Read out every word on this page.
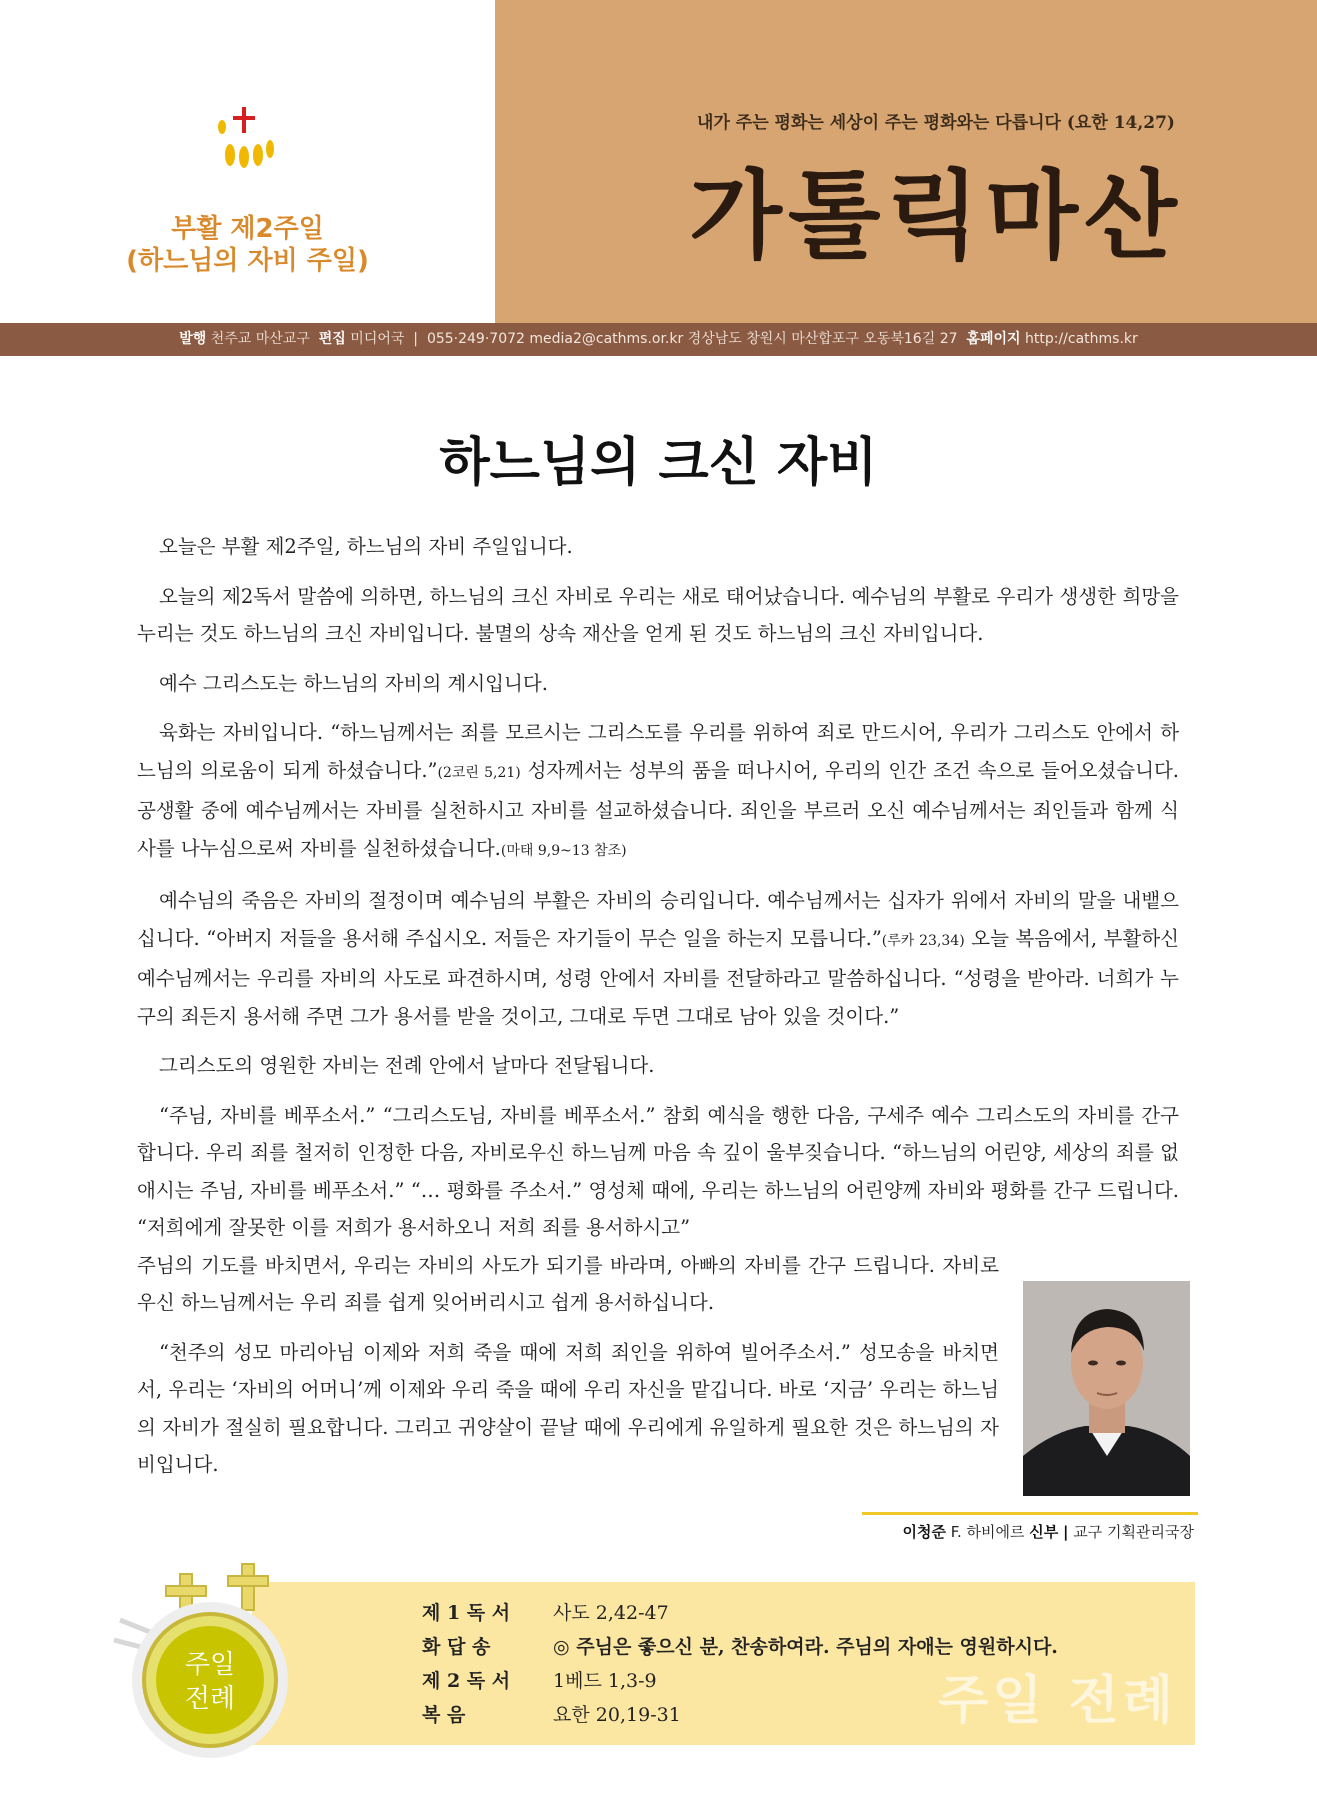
부활 제2주일
(하느님의 자비 주일)
내가 주는 평화는 세상이 주는 평화와는 다릅니다 (요한 14,27)
가톨릭마산
발행 천주교 마산교구 편집 미디어국  |  055·249·7072 media2@cathms.or.kr 경상남도 창원시 마산합포구 오동북16길 27 홈페이지 http://cathms.kr
하느님의 크신 자비

오늘은 부활 제2주일, 하느님의 자비 주일입니다.

오늘의 제2독서 말씀에 의하면, 하느님의 크신 자비로 우리는 새로 태어났습니다. 예수님의 부활로 우리가 생생한 희망을 누리는 것도 하느님의 크신 자비입니다. 불멸의 상속 재산을 얻게 된 것도 하느님의 크신 자비입니다.

예수 그리스도는 하느님의 자비의 계시입니다.

육화는 자비입니다. “하느님께서는 죄를 모르시는 그리스도를 우리를 위하여 죄로 만드시어, 우리가 그리스도 안에서 하느님의 의로움이 되게 하셨습니다.”(2코린 5,21) 성자께서는 성부의 품을 떠나시어, 우리의 인간 조건 속으로 들어오셨습니다. 공생활 중에 예수님께서는 자비를 실천하시고 자비를 설교하셨습니다. 죄인을 부르러 오신 예수님께서는 죄인들과 함께 식사를 나누심으로써 자비를 실천하셨습니다.(마태 9,9~13 참조)

예수님의 죽음은 자비의 절정이며 예수님의 부활은 자비의 승리입니다. 예수님께서는 십자가 위에서 자비의 말을 내뱉으십니다. “아버지 저들을 용서해 주십시오. 저들은 자기들이 무슨 일을 하는지 모릅니다.”(루카 23,34) 오늘 복음에서, 부활하신 예수님께서는 우리를 자비의 사도로 파견하시며, 성령 안에서 자비를 전달하라고 말씀하십니다. “성령을 받아라. 너희가 누구의 죄든지 용서해 주면 그가 용서를 받을 것이고, 그대로 두면 그대로 남아 있을 것이다.”

그리스도의 영원한 자비는 전례 안에서 날마다 전달됩니다.

“주님, 자비를 베푸소서.” “그리스도님, 자비를 베푸소서.” 참회 예식을 행한 다음, 구세주 예수 그리스도의 자비를 간구합니다. 우리 죄를 철저히 인정한 다음, 자비로우신 하느님께 마음 속 깊이 울부짖습니다. “하느님의 어린양, 세상의 죄를 없애시는 주님, 자비를 베푸소서.” “… 평화를 주소서.” 영성체 때에, 우리는 하느님의 어린양께 자비와 평화를 간구 드립니다. “저희에게 잘못한 이를 저희가 용서하오니 저희 죄를 용서하시고”

주님의 기도를 바치면서, 우리는 자비의 사도가 되기를 바라며, 아빠의 자비를 간구 드립니다. 자비로우신 하느님께서는 우리 죄를 쉽게 잊어버리시고 쉽게 용서하십니다.

“천주의 성모 마리아님 이제와 저희 죽을 때에 저희 죄인을 위하여 빌어주소서.” 성모송을 바치면서, 우리는 ‘자비의 어머니’께 이제와 우리 죽을 때에 우리 자신을 맡깁니다. 바로 ‘지금’ 우리는 하느님의 자비가 절실히 필요합니다. 그리고 귀양살이 끝날 때에 우리에게 유일하게 필요한 것은 하느님의 자비입니다.

이청준 F. 하비에르 신부 | 교구 기획관리국장
주일 전례
제 1 독 서 사도 2,42-47
화 답 송	◎ 주님은 좋으신 분, 찬송하여라. 주님의 자애는 영원하시다.
제 2 독 서 1베드 1,3-9
복 음	요한 20,19-31
주일
전례
